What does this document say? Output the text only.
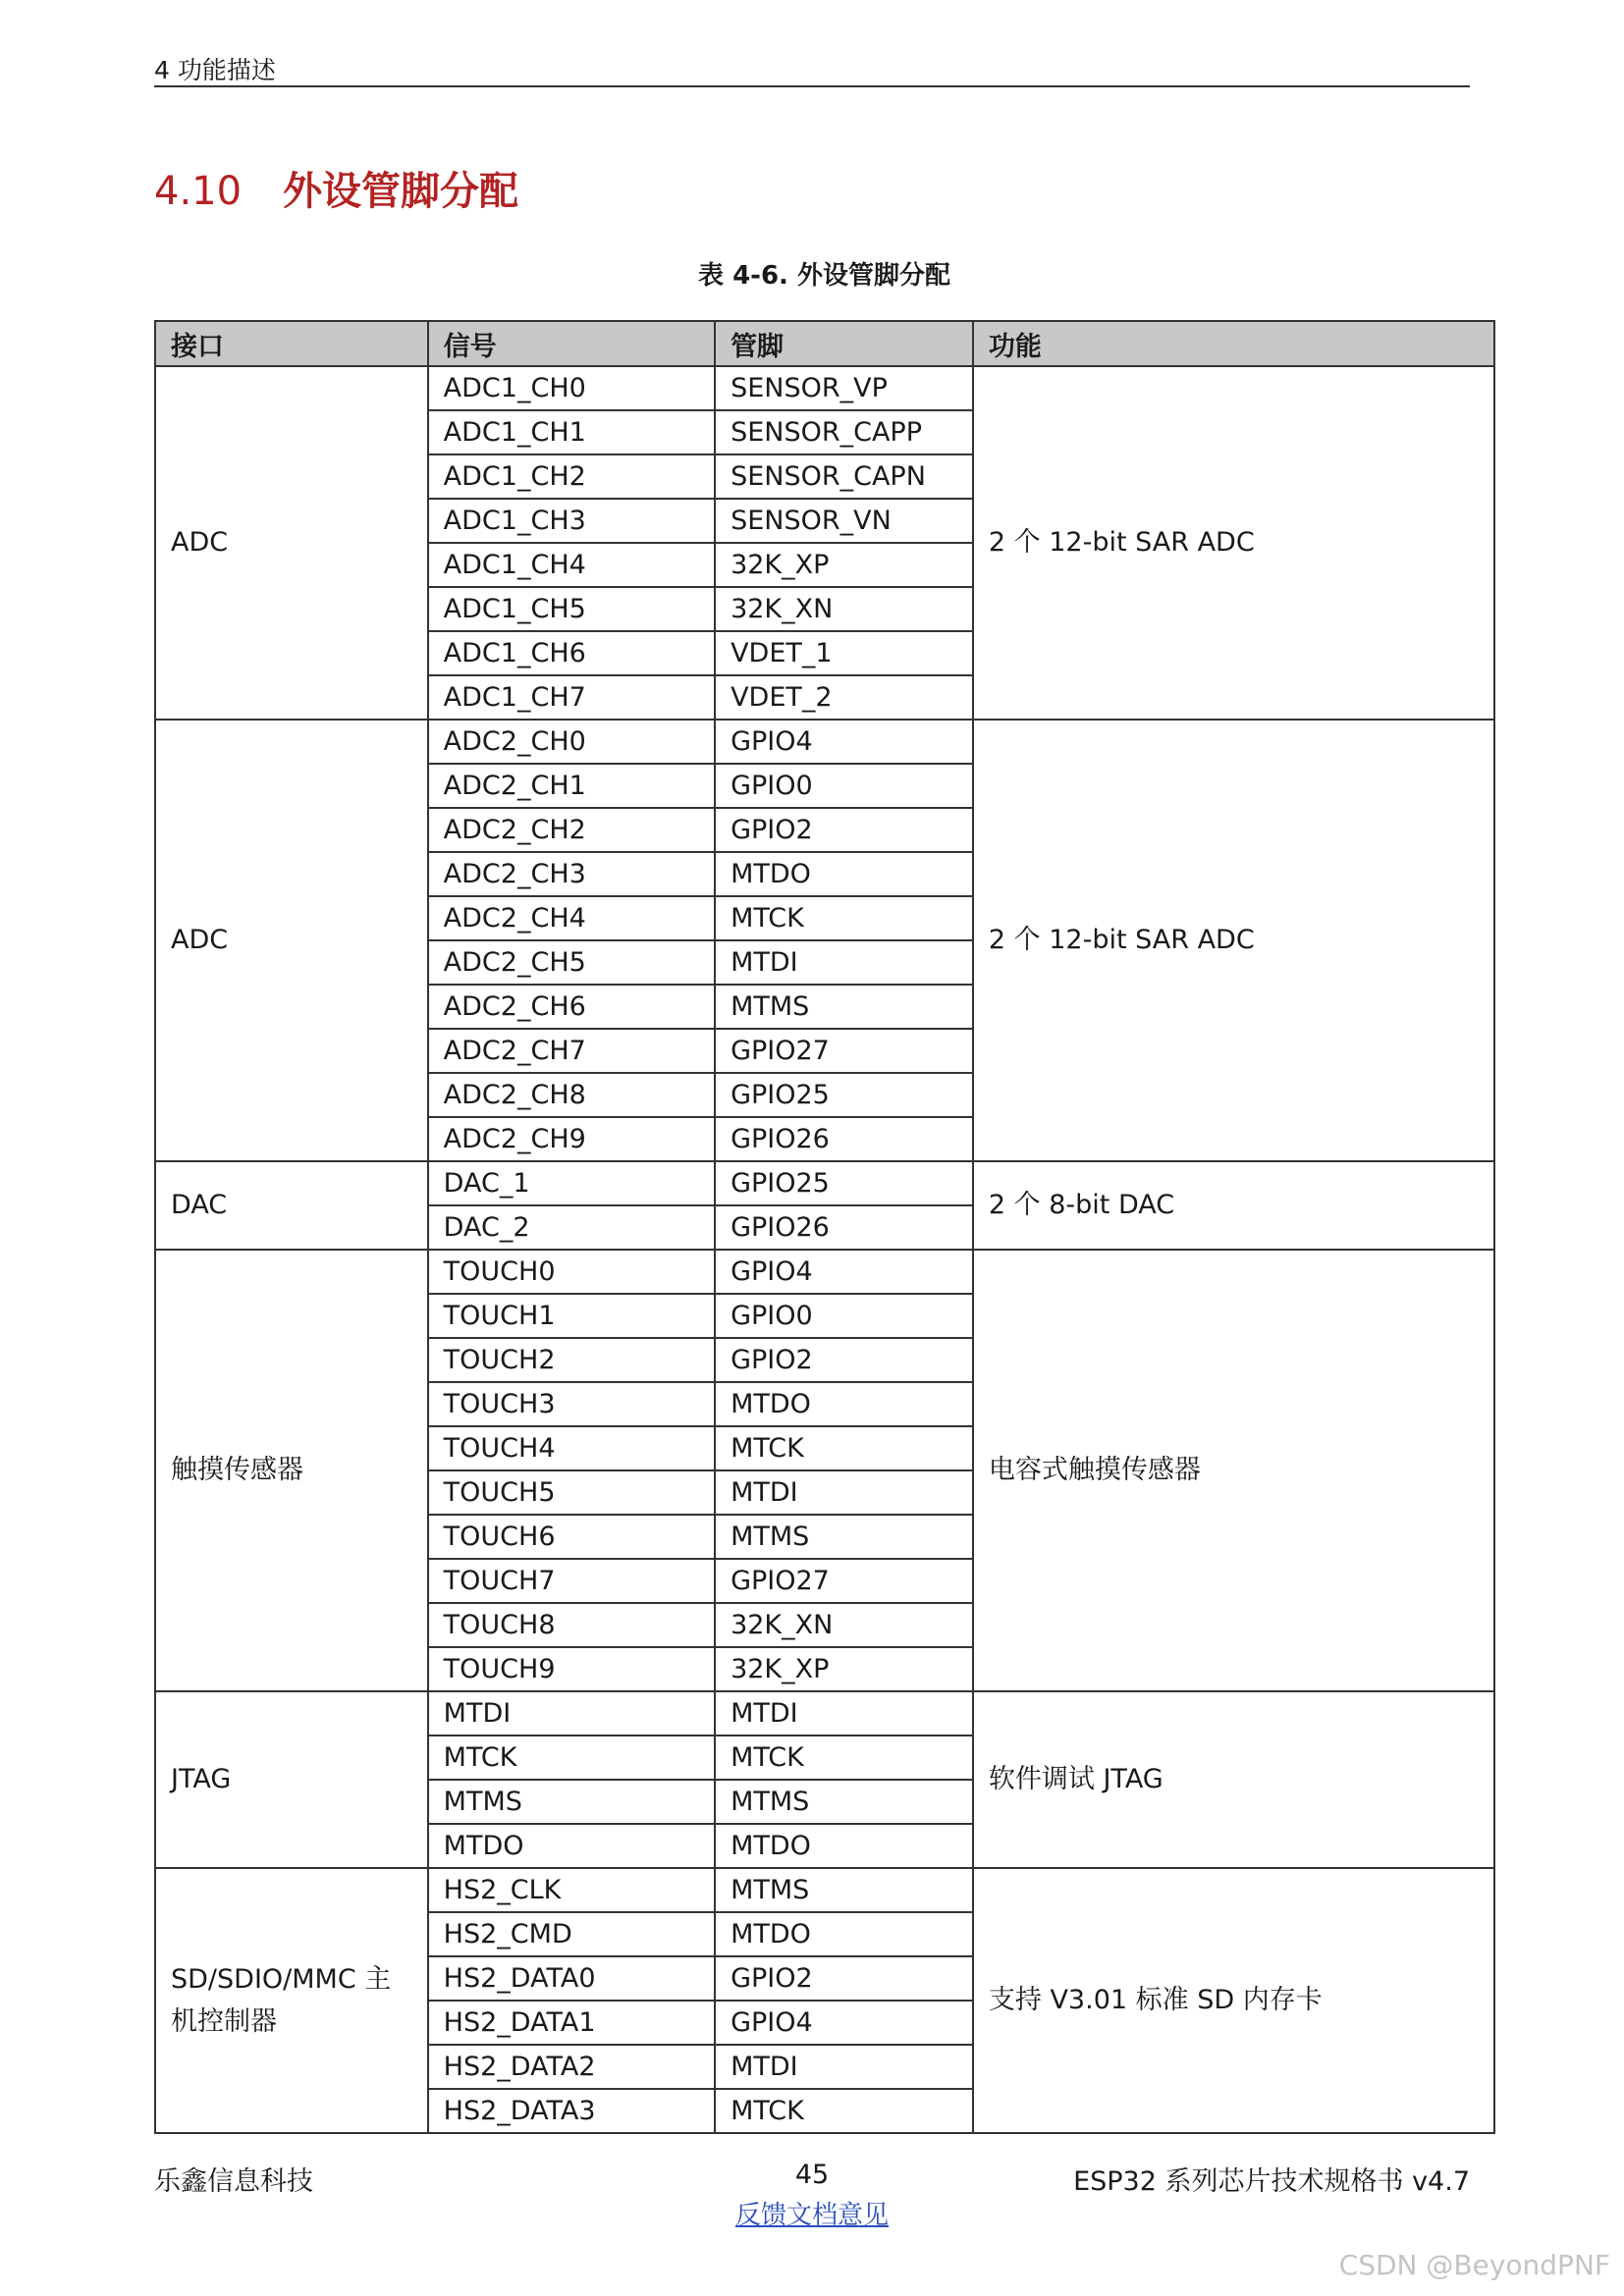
4 功能描述
4.10 外设管脚分配
表 4-6. 外设管脚分配
接口	信号	管脚	功能
ADC	ADC1_CH0	SENSOR_VP	2 个 12-bit SAR ADC
	ADC1_CH1	SENSOR_CAPP	
	ADC1_CH2	SENSOR_CAPN	
	ADC1_CH3	SENSOR_VN	
	ADC1_CH4	32K_XP	
	ADC1_CH5	32K_XN	
	ADC1_CH6	VDET_1	
	ADC1_CH7	VDET_2	
ADC	ADC2_CH0	GPIO4	2 个 12-bit SAR ADC
	ADC2_CH1	GPIO0	
	ADC2_CH2	GPIO2	
	ADC2_CH3	MTDO	
	ADC2_CH4	MTCK	
	ADC2_CH5	MTDI	
	ADC2_CH6	MTMS	
	ADC2_CH7	GPIO27	
	ADC2_CH8	GPIO25	
	ADC2_CH9	GPIO26	
DAC	DAC_1	GPIO25	2 个 8-bit DAC
	DAC_2	GPIO26	
触摸传感器	TOUCH0	GPIO4	电容式触摸传感器
	TOUCH1	GPIO0	
	TOUCH2	GPIO2	
	TOUCH3	MTDO	
	TOUCH4	MTCK	
	TOUCH5	MTDI	
	TOUCH6	MTMS	
	TOUCH7	GPIO27	
	TOUCH8	32K_XN	
	TOUCH9	32K_XP	
JTAG	MTDI	MTDI	软件调试 JTAG
	MTCK	MTCK	
	MTMS	MTMS	
	MTDO	MTDO	
SD/SDIO/MMC 主机控制器	HS2_CLK	MTMS	支持 V3.01 标准 SD 内存卡
	HS2_CMD	MTDO	
	HS2_DATA0	GPIO2	
	HS2_DATA1	GPIO4	
	HS2_DATA2	MTDI	
	HS2_DATA3	MTCK	
乐鑫信息科技	45	ESP32 系列芯片技术规格书 v4.7
反馈文档意见
CSDN @BeyondPNF
